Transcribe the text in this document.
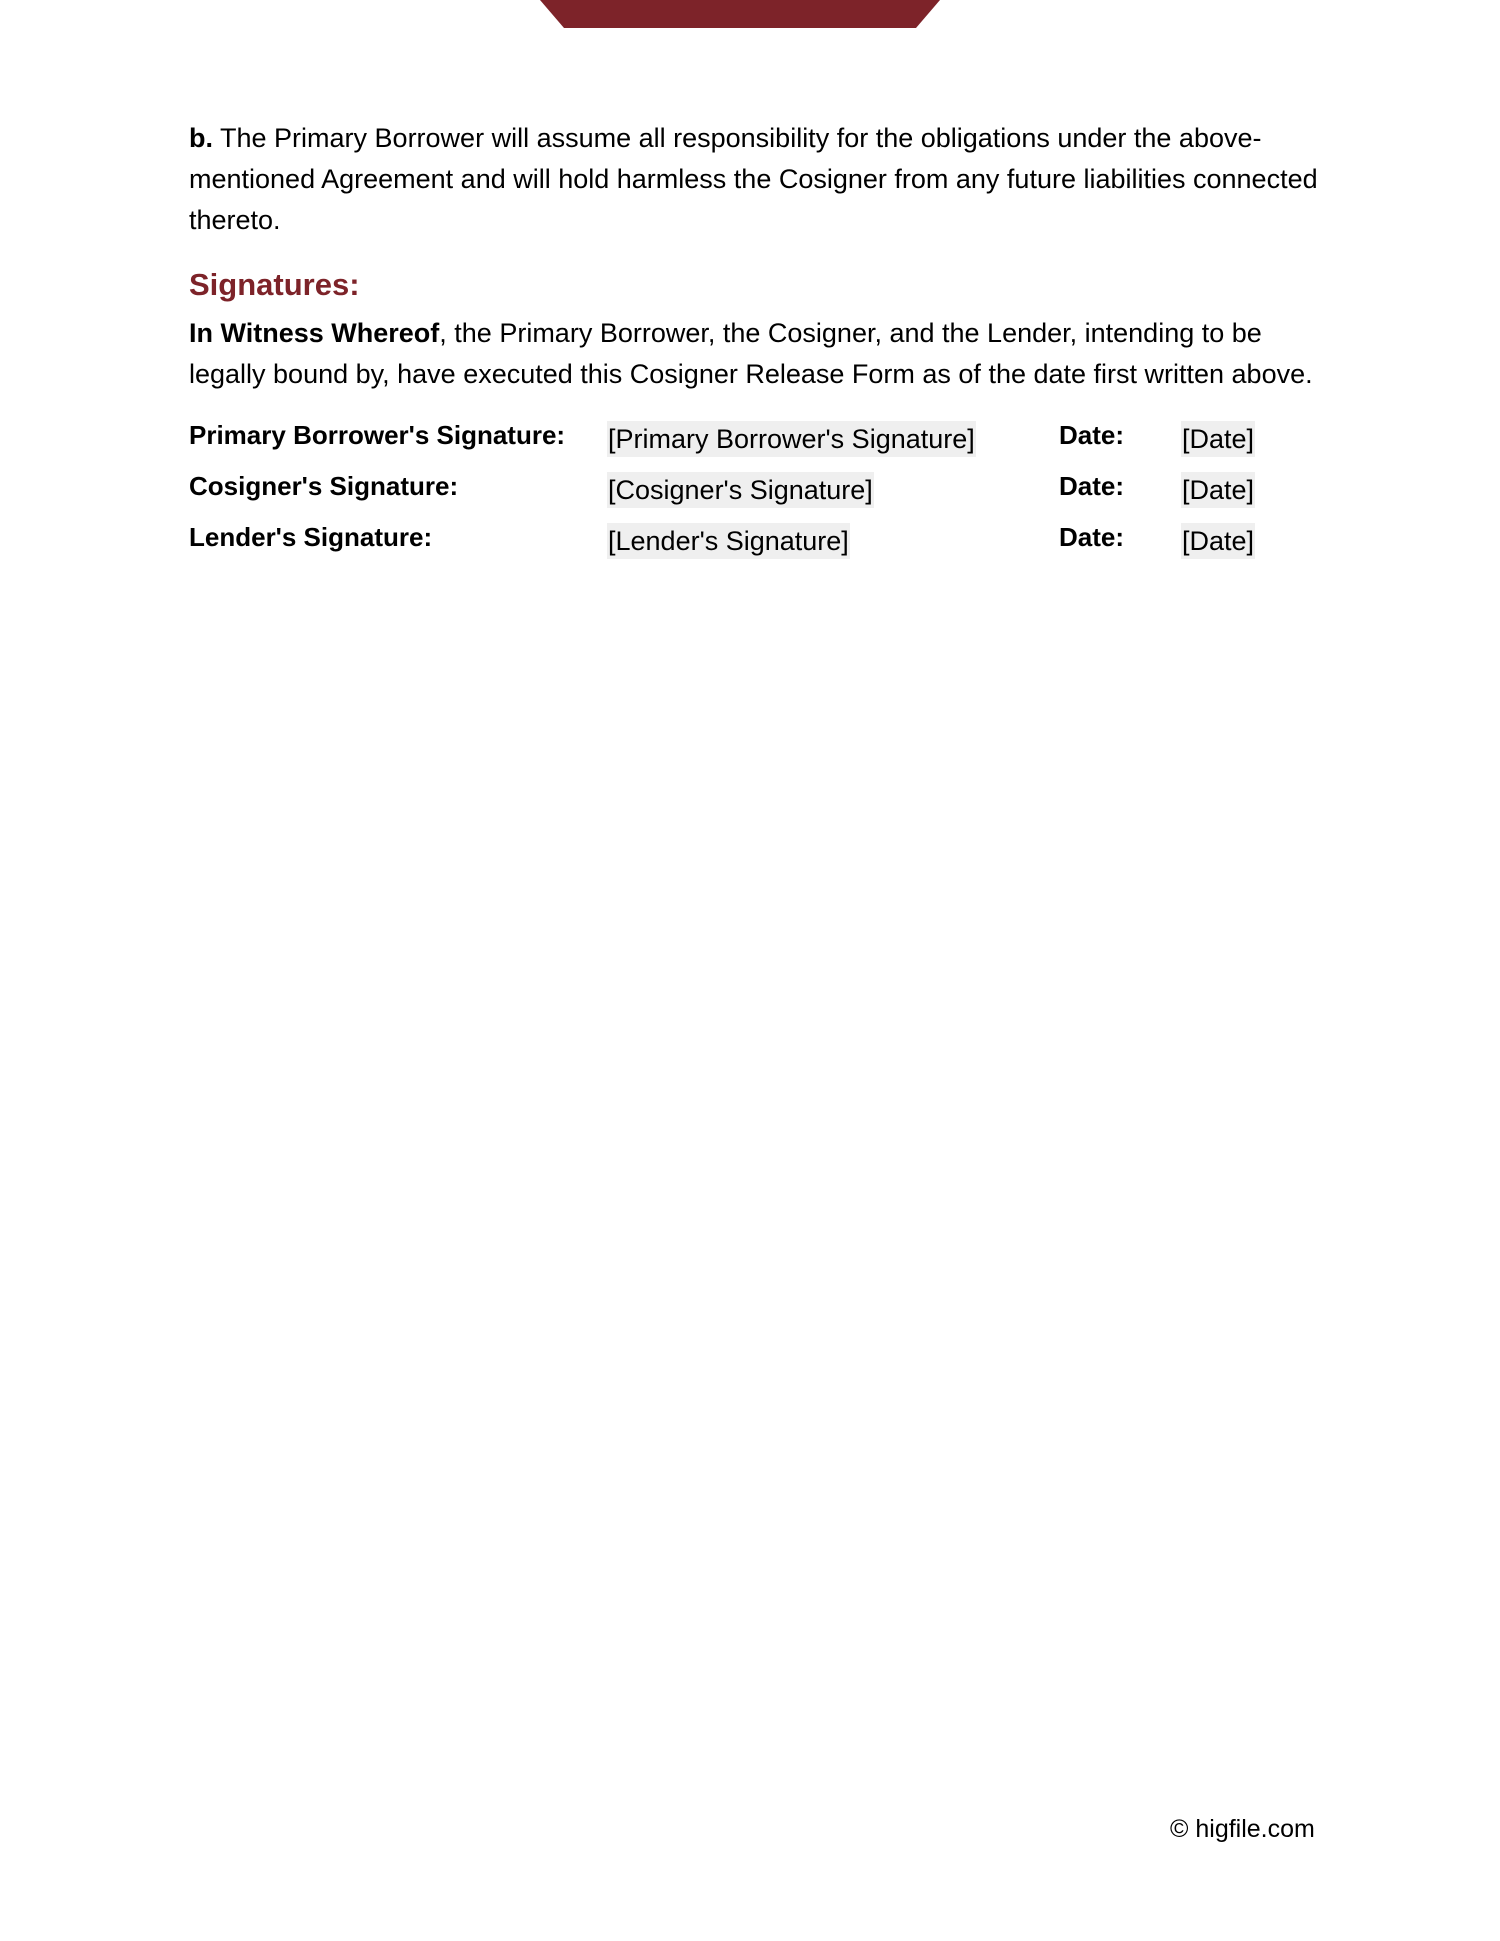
b. The Primary Borrower will assume all responsibility for the obligations under the above-mentioned Agreement and will hold harmless the Cosigner from any future liabilities connected thereto.

Signatures:

In Witness Whereof, the Primary Borrower, the Cosigner, and the Lender, intending to be legally bound by, have executed this Cosigner Release Form as of the date first written above.

Primary Borrower's Signature:	[Primary Borrower's Signature]	Date:	[Date]
Cosigner's Signature:	[Cosigner's Signature]	Date:	[Date]
Lender's Signature:	[Lender's Signature]	Date:	[Date]
© higfile.com
